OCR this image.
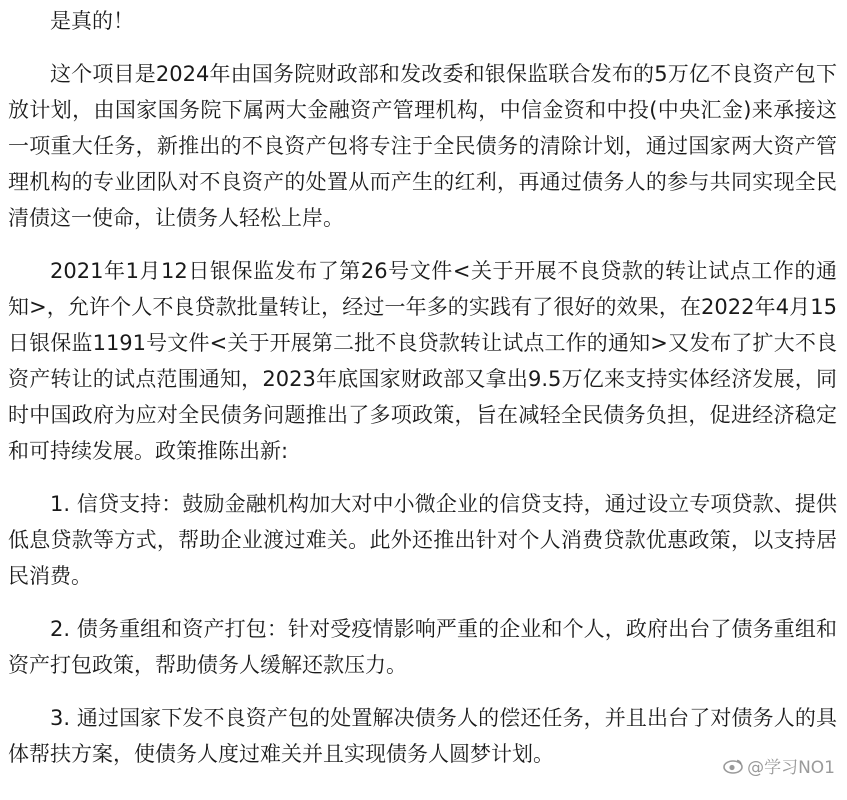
是真的！

这个项目是2024年由国务院财政部和发改委和银保监联合发布的5万亿不良资产包下放计划，由国家国务院下属两大金融资产管理机构，中信金资和中投(中央汇金)来承接这一项重大任务，新推出的不良资产包将专注于全民债务的清除计划，通过国家两大资产管理机构的专业团队对不良资产的处置从而产生的红利，再通过债务人的参与共同实现全民清债这一使命，让债务人轻松上岸。

2021年1月12日银保监发布了第26号文件<关于开展不良贷款的转让试点工作的通知>，允许个人不良贷款批量转让，经过一年多的实践有了很好的效果，在2022年4月15日银保监1191号文件<关于开展第二批不良贷款转让试点工作的通知>又发布了扩大不良资产转让的试点范围通知，2023年底国家财政部又拿出9.5万亿来支持实体经济发展，同时中国政府为应对全民债务问题推出了多项政策，旨在减轻全民债务负担，促进经济稳定和可持续发展。政策推陈出新:

1. 信贷支持：鼓励金融机构加大对中小微企业的信贷支持，通过设立专项贷款、提供低息贷款等方式，帮助企业渡过难关。此外还推出针对个人消费贷款优惠政策，以支持居民消费。

2. 债务重组和资产打包：针对受疫情影响严重的企业和个人，政府出台了债务重组和资产打包政策，帮助债务人缓解还款压力。

3. 通过国家下发不良资产包的处置解决债务人的偿还任务，并且出台了对债务人的具体帮扶方案，使债务人度过难关并且实现债务人圆梦计划。

@学习NO1
